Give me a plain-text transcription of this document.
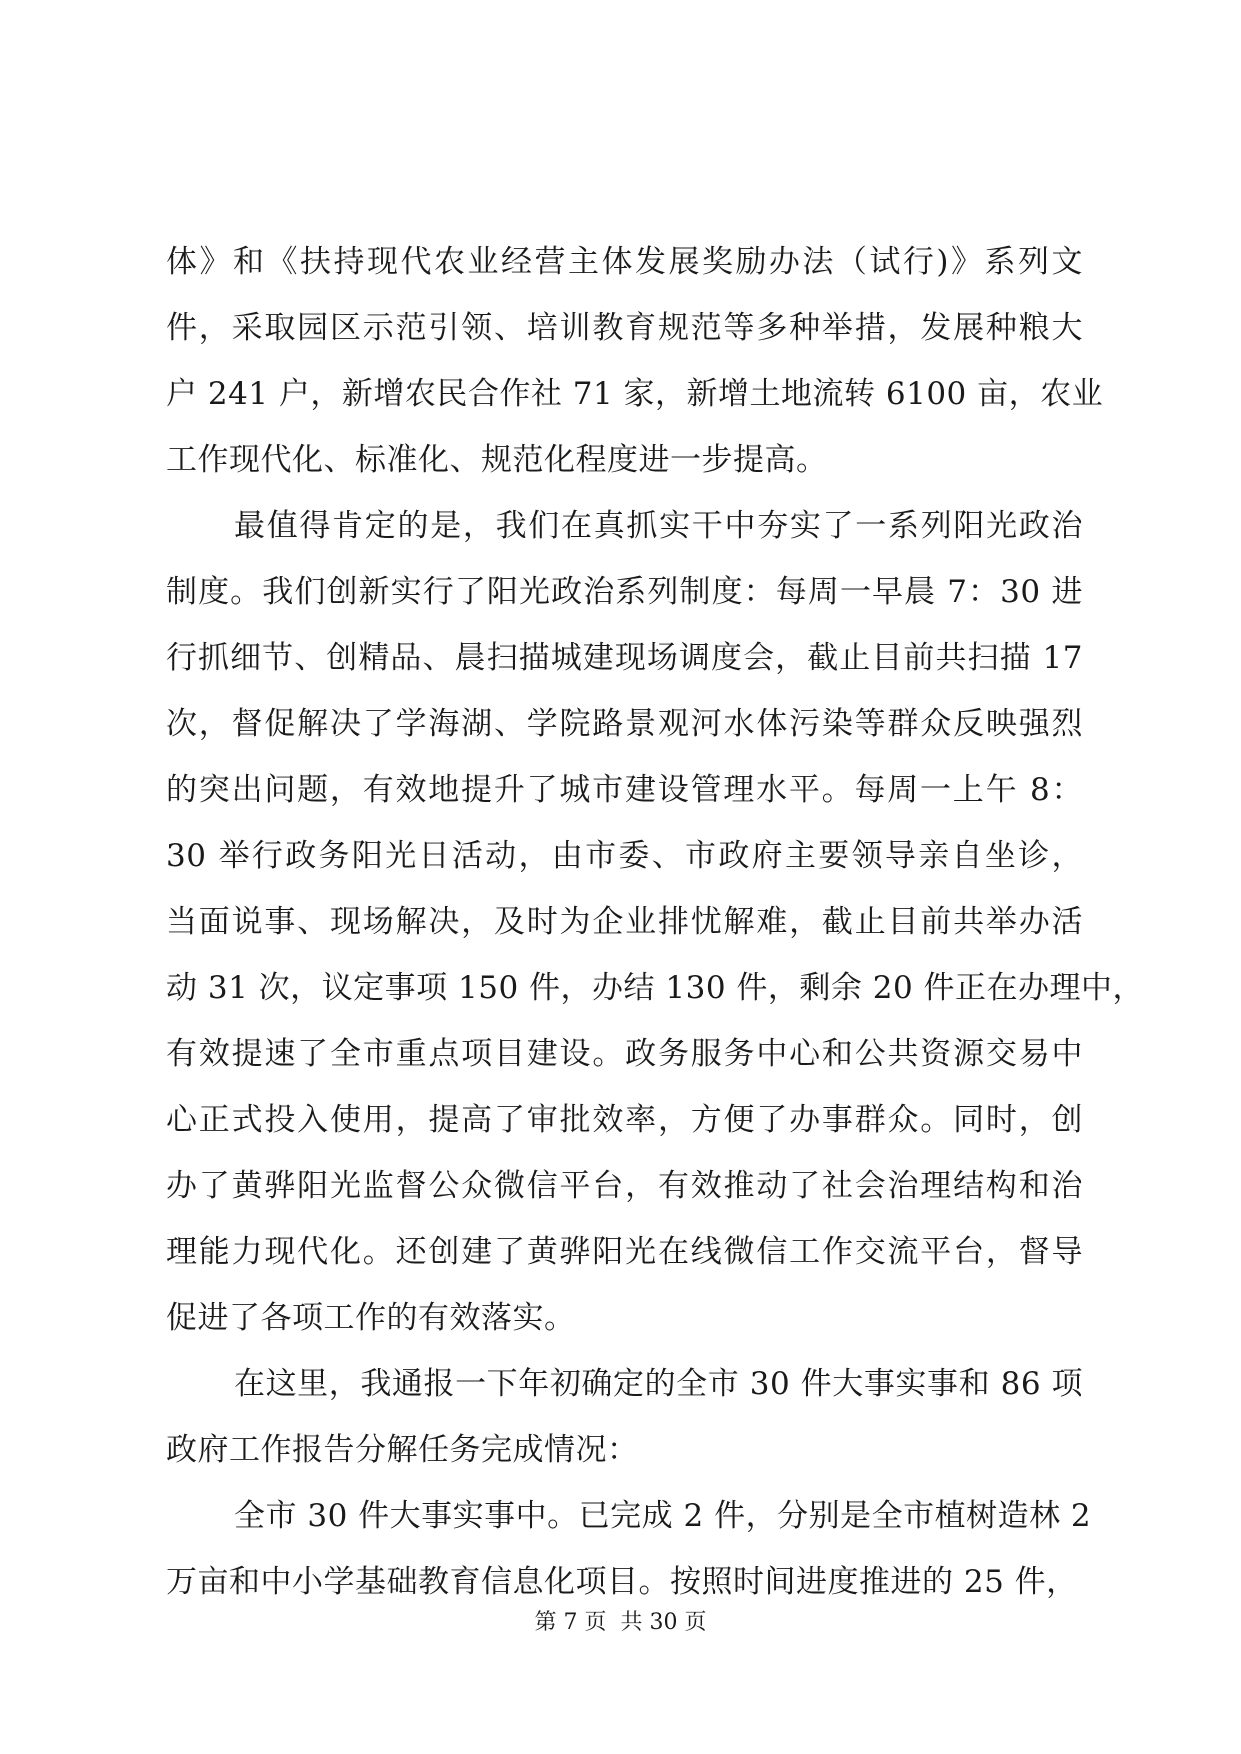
体》和《扶持现代农业经营主体发展奖励办法（试行)》系列文
件，采取园区示范引领、培训教育规范等多种举措，发展种粮大
户 241 户，新增农民合作社 71 家，新增土地流转 6100 亩，农业
工作现代化、标准化、规范化程度进一步提高。
最值得肯定的是，我们在真抓实干中夯实了一系列阳光政治
制度。我们创新实行了阳光政治系列制度：每周一早晨 7：30 进
行抓细节、创精品、晨扫描城建现场调度会，截止目前共扫描 17
次，督促解决了学海湖、学院路景观河水体污染等群众反映强烈
的突出问题，有效地提升了城市建设管理水平。每周一上午 8：
30 举行政务阳光日活动，由市委、市政府主要领导亲自坐诊，
当面说事、现场解决，及时为企业排忧解难，截止目前共举办活
动 31 次，议定事项 150 件，办结 130 件，剩余 20 件正在办理中，
有效提速了全市重点项目建设。政务服务中心和公共资源交易中
心正式投入使用，提高了审批效率，方便了办事群众。同时，创
办了黄骅阳光监督公众微信平台，有效推动了社会治理结构和治
理能力现代化。还创建了黄骅阳光在线微信工作交流平台，督导
促进了各项工作的有效落实。
在这里，我通报一下年初确定的全市 30 件大事实事和 86 项
政府工作报告分解任务完成情况：
全市 30 件大事实事中。已完成 2 件，分别是全市植树造林 2
万亩和中小学基础教育信息化项目。按照时间进度推进的 25 件，
第 7 页  共 30 页
